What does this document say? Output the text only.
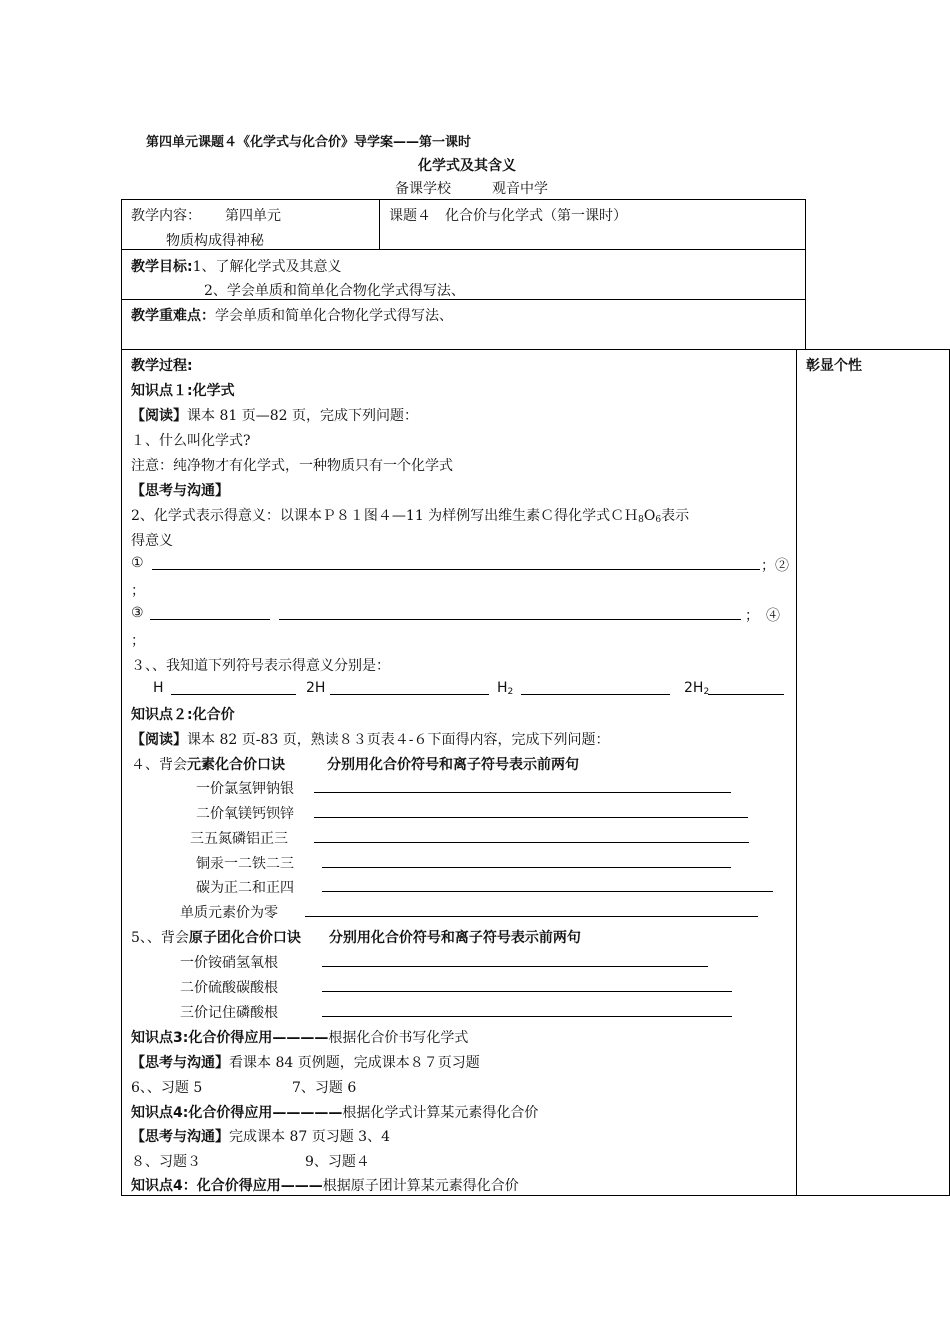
第四单元课题４《化学式与化合价》导学案——第一课时
化学式及其含义
备课学校	观音中学
教学内容： 第四单元
物质构成得神秘
课题４　化合价与化学式（第一课时）
教学目标:1、了解化学式及其意义
2、学会单质和简单化合物化学式得写法、
教学重难点：学会单质和简单化合物化学式得写法、
彰显个性
教学过程:
知识点１:化学式
【阅读】课本 81 页—82 页，完成下列问题：
１、什么叫化学式?
注意：纯净物才有化学式，一种物质只有一个化学式
【思考与沟通】
2、化学式表示得意义：以课本Ｐ８１图４—11 为样例写出维生素Ｃ得化学式$CH_8O_6$表示
得意义
①	；②
；
③	；　④
；
３、、我知道下列符号表示得意义分别是：
H	2H	$H_2$	$2H_2$
知识点２:化合价
【阅读】课本 82 页-83 页，熟读８３页表４-６下面得内容，完成下列问题：
４、背会元素化合价口诀　　　分别用化合价符号和离子符号表示前两句
一价氯氢钾钠银
二价氧镁钙钡锌
三五氮磷铝正三
铜汞一二铁二三
碳为正二和正四
单质元素价为零
5、、背会原子团化合价口诀　　分别用化合价符号和离子符号表示前两句
一价铵硝氢氧根
二价硫酸碳酸根
三价记住磷酸根
知识点3:化合价得应用————根据化合价书写化学式
【思考与沟通】看课本 84 页例题，完成课本８７页习题
6、、习题 5	7、习题 6
知识点4:化合价得应用—————根据化学式计算某元素得化合价
【思考与沟通】完成课本 87 页习题 3、4
８、习题３	9、习题４
知识点4：化合价得应用———根据原子团计算某元素得化合价
